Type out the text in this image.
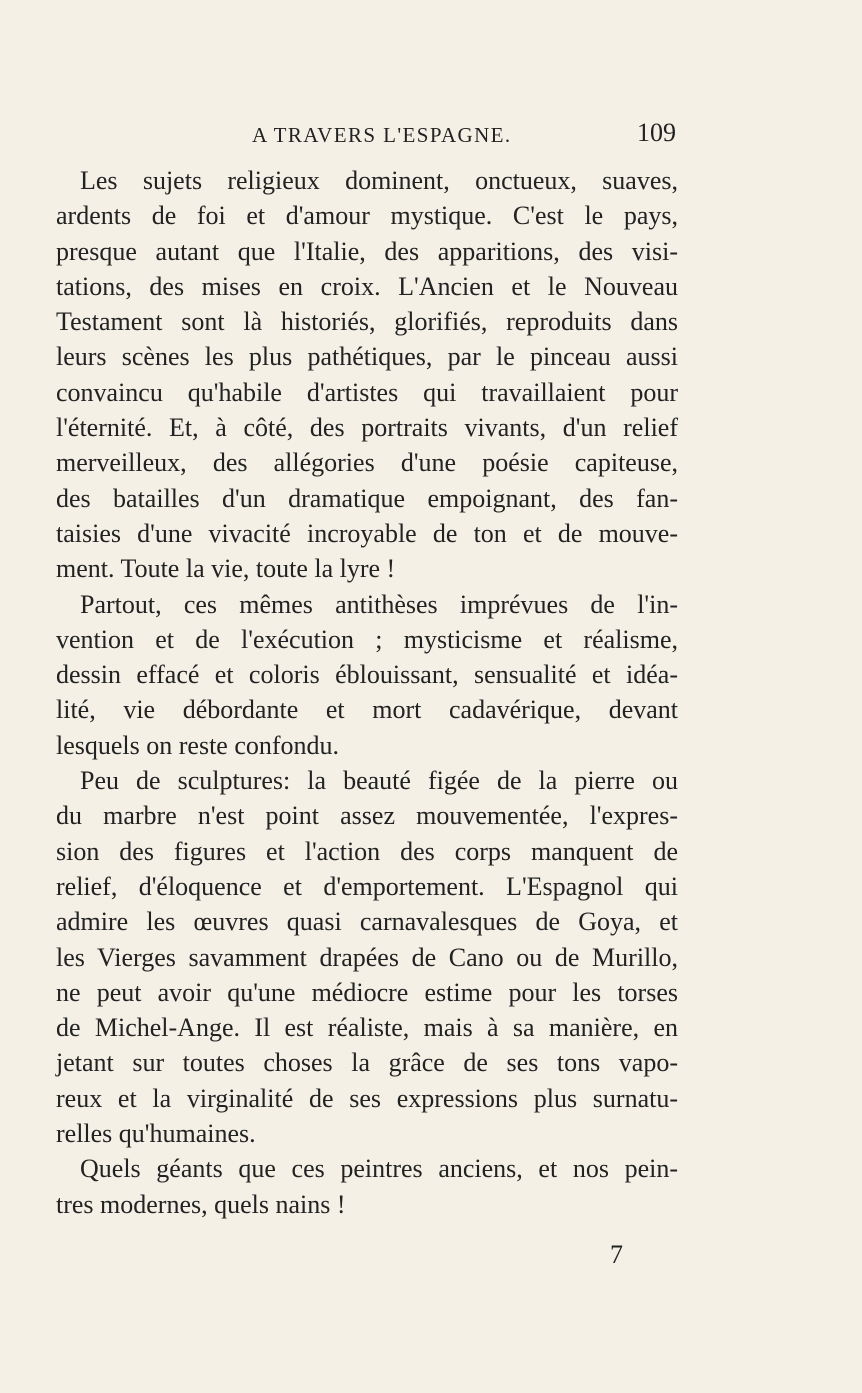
A TRAVERS L'ESPAGNE.	109
Les sujets religieux dominent, onctueux, suaves,
ardents de foi et d'amour mystique. C'est le pays,
presque autant que l'Italie, des apparitions, des visi-
tations, des mises en croix. L'Ancien et le Nouveau
Testament sont là historiés, glorifiés, reproduits dans
leurs scènes les plus pathétiques, par le pinceau aussi
convaincu qu'habile d'artistes qui travaillaient pour
l'éternité. Et, à côté, des portraits vivants, d'un relief
merveilleux, des allégories d'une poésie capiteuse,
des batailles d'un dramatique empoignant, des fan-
taisies d'une vivacité incroyable de ton et de mouve-
ment. Toute la vie, toute la lyre !
Partout, ces mêmes antithèses imprévues de l'in-
vention et de l'exécution ; mysticisme et réalisme,
dessin effacé et coloris éblouissant, sensualité et idéa-
lité, vie débordante et mort cadavérique, devant
lesquels on reste confondu.
Peu de sculptures: la beauté figée de la pierre ou
du marbre n'est point assez mouvementée, l'expres-
sion des figures et l'action des corps manquent de
relief, d'éloquence et d'emportement. L'Espagnol qui
admire les œuvres quasi carnavalesques de Goya, et
les Vierges savamment drapées de Cano ou de Murillo,
ne peut avoir qu'une médiocre estime pour les torses
de Michel-Ange. Il est réaliste, mais à sa manière, en
jetant sur toutes choses la grâce de ses tons vapo-
reux et la virginalité de ses expressions plus surnatu-
relles qu'humaines.
Quels géants que ces peintres anciens, et nos pein-
tres modernes, quels nains !
7
